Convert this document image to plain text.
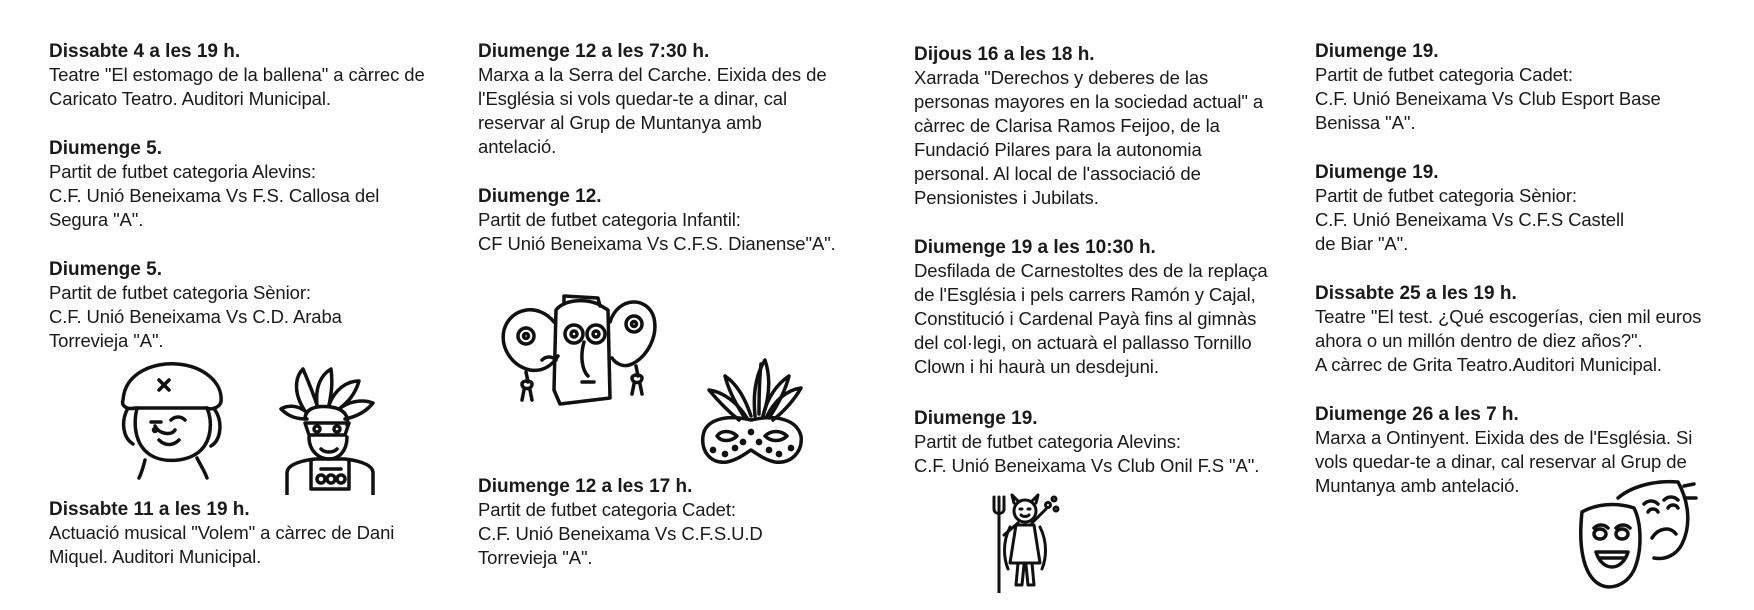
Dissabte 4 a les 19 h.

Teatre "El estomago de la ballena" a càrrec de
Caricato Teatro. Auditori Municipal.

Diumenge 5.

Partit de futbet categoria Alevins:
C.F. Unió Beneixama Vs F.S. Callosa del
Segura "A".

Diumenge 5.

Partit de futbet categoria Sènior:
C.F. Unió Beneixama Vs C.D. Araba
Torrevieja "A".

Dissabte 11 a les 19 h.

Actuació musical "Volem" a càrrec de Dani
Miquel. Auditori Municipal.

Diumenge 12 a les 7:30 h.

Marxa a la Serra del Carche. Eixida des de
l'Església si vols quedar-te a dinar, cal
reservar al Grup de Muntanya amb
antelació.

Diumenge 12.

Partit de futbet categoria Infantil:
CF Unió Beneixama Vs C.F.S. Dianense"A".

Diumenge 12 a les 17 h.

Partit de futbet categoria Cadet:
C.F. Unió Beneixama Vs C.F.S.U.D
Torrevieja "A".

Dijous 16 a les 18 h.

Xarrada "Derechos y deberes de las
personas mayores en la sociedad actual" a
càrrec de Clarisa Ramos Feijoo, de la
Fundació Pilares para la autonomia
personal. Al local de l'associació de
Pensionistes i Jubilats.

Diumenge 19 a les 10:30 h.

Desfilada de Carnestoltes des de la replaça
de l'Església i pels carrers Ramón y Cajal,
Constitució i Cardenal Payà fins al gimnàs
del col·legi, on actuarà el pallasso Tornillo
Clown i hi haurà un desdejuni.

Diumenge 19.

Partit de futbet categoria Alevins:
C.F. Unió Beneixama Vs Club Onil F.S "A".

Diumenge 19.

Partit de futbet categoria Cadet:
C.F. Unió Beneixama Vs Club Esport Base
Benissa "A".

Diumenge 19.

Partit de futbet categoria Sènior:
C.F. Unió Beneixama Vs C.F.S Castell
de Biar "A".

Dissabte 25 a les 19 h.

Teatre "El test. ¿Qué escogerías, cien mil euros
ahora o un millón dentro de diez años?".
A càrrec de Grita Teatro.Auditori Municipal.

Diumenge 26 a les 7 h.

Marxa a Ontinyent. Eixida des de l'Església. Si
vols quedar-te a dinar, cal reservar al Grup de
Muntanya amb antelació.
